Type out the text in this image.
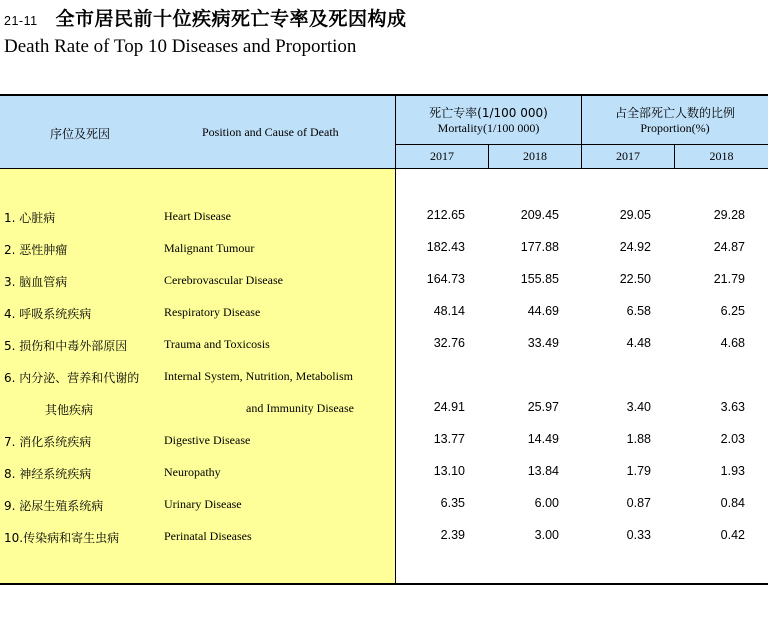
21-11 全市居民前十位疾病死亡专率及死因构成
Death Rate of Top 10 Diseases and Proportion
序位及死因	Position and Cause of Death
死亡专率(1/100 000)
Mortality(1/100 000)
占全部死亡人数的比例
Proportion(%)
2017	2018	2017	2018
1. 心脏病	Heart Disease	212.65	209.45	29.05	29.28
2. 恶性肿瘤	Malignant Tumour	182.43	177.88	24.92	24.87
3. 脑血管病	Cerebrovascular Disease	164.73	155.85	22.50	21.79
4. 呼吸系统疾病	Respiratory Disease	48.14	44.69	6.58	6.25
5. 损伤和中毒外部原因	Trauma and Toxicosis	32.76	33.49	4.48	4.68
6. 内分泌、营养和代谢的 Internal System, Nutrition, Metabolism
其他疾病	and Immunity Disease	24.91	25.97	3.40	3.63
7. 消化系统疾病	Digestive Disease	13.77	14.49	1.88	2.03
8. 神经系统疾病	Neuropathy	13.10	13.84	1.79	1.93
9. 泌尿生殖系统病	Urinary Disease	6.35	6.00	0.87	0.84
10.传染病和寄生虫病	Perinatal Diseases	2.39	3.00	0.33	0.42
